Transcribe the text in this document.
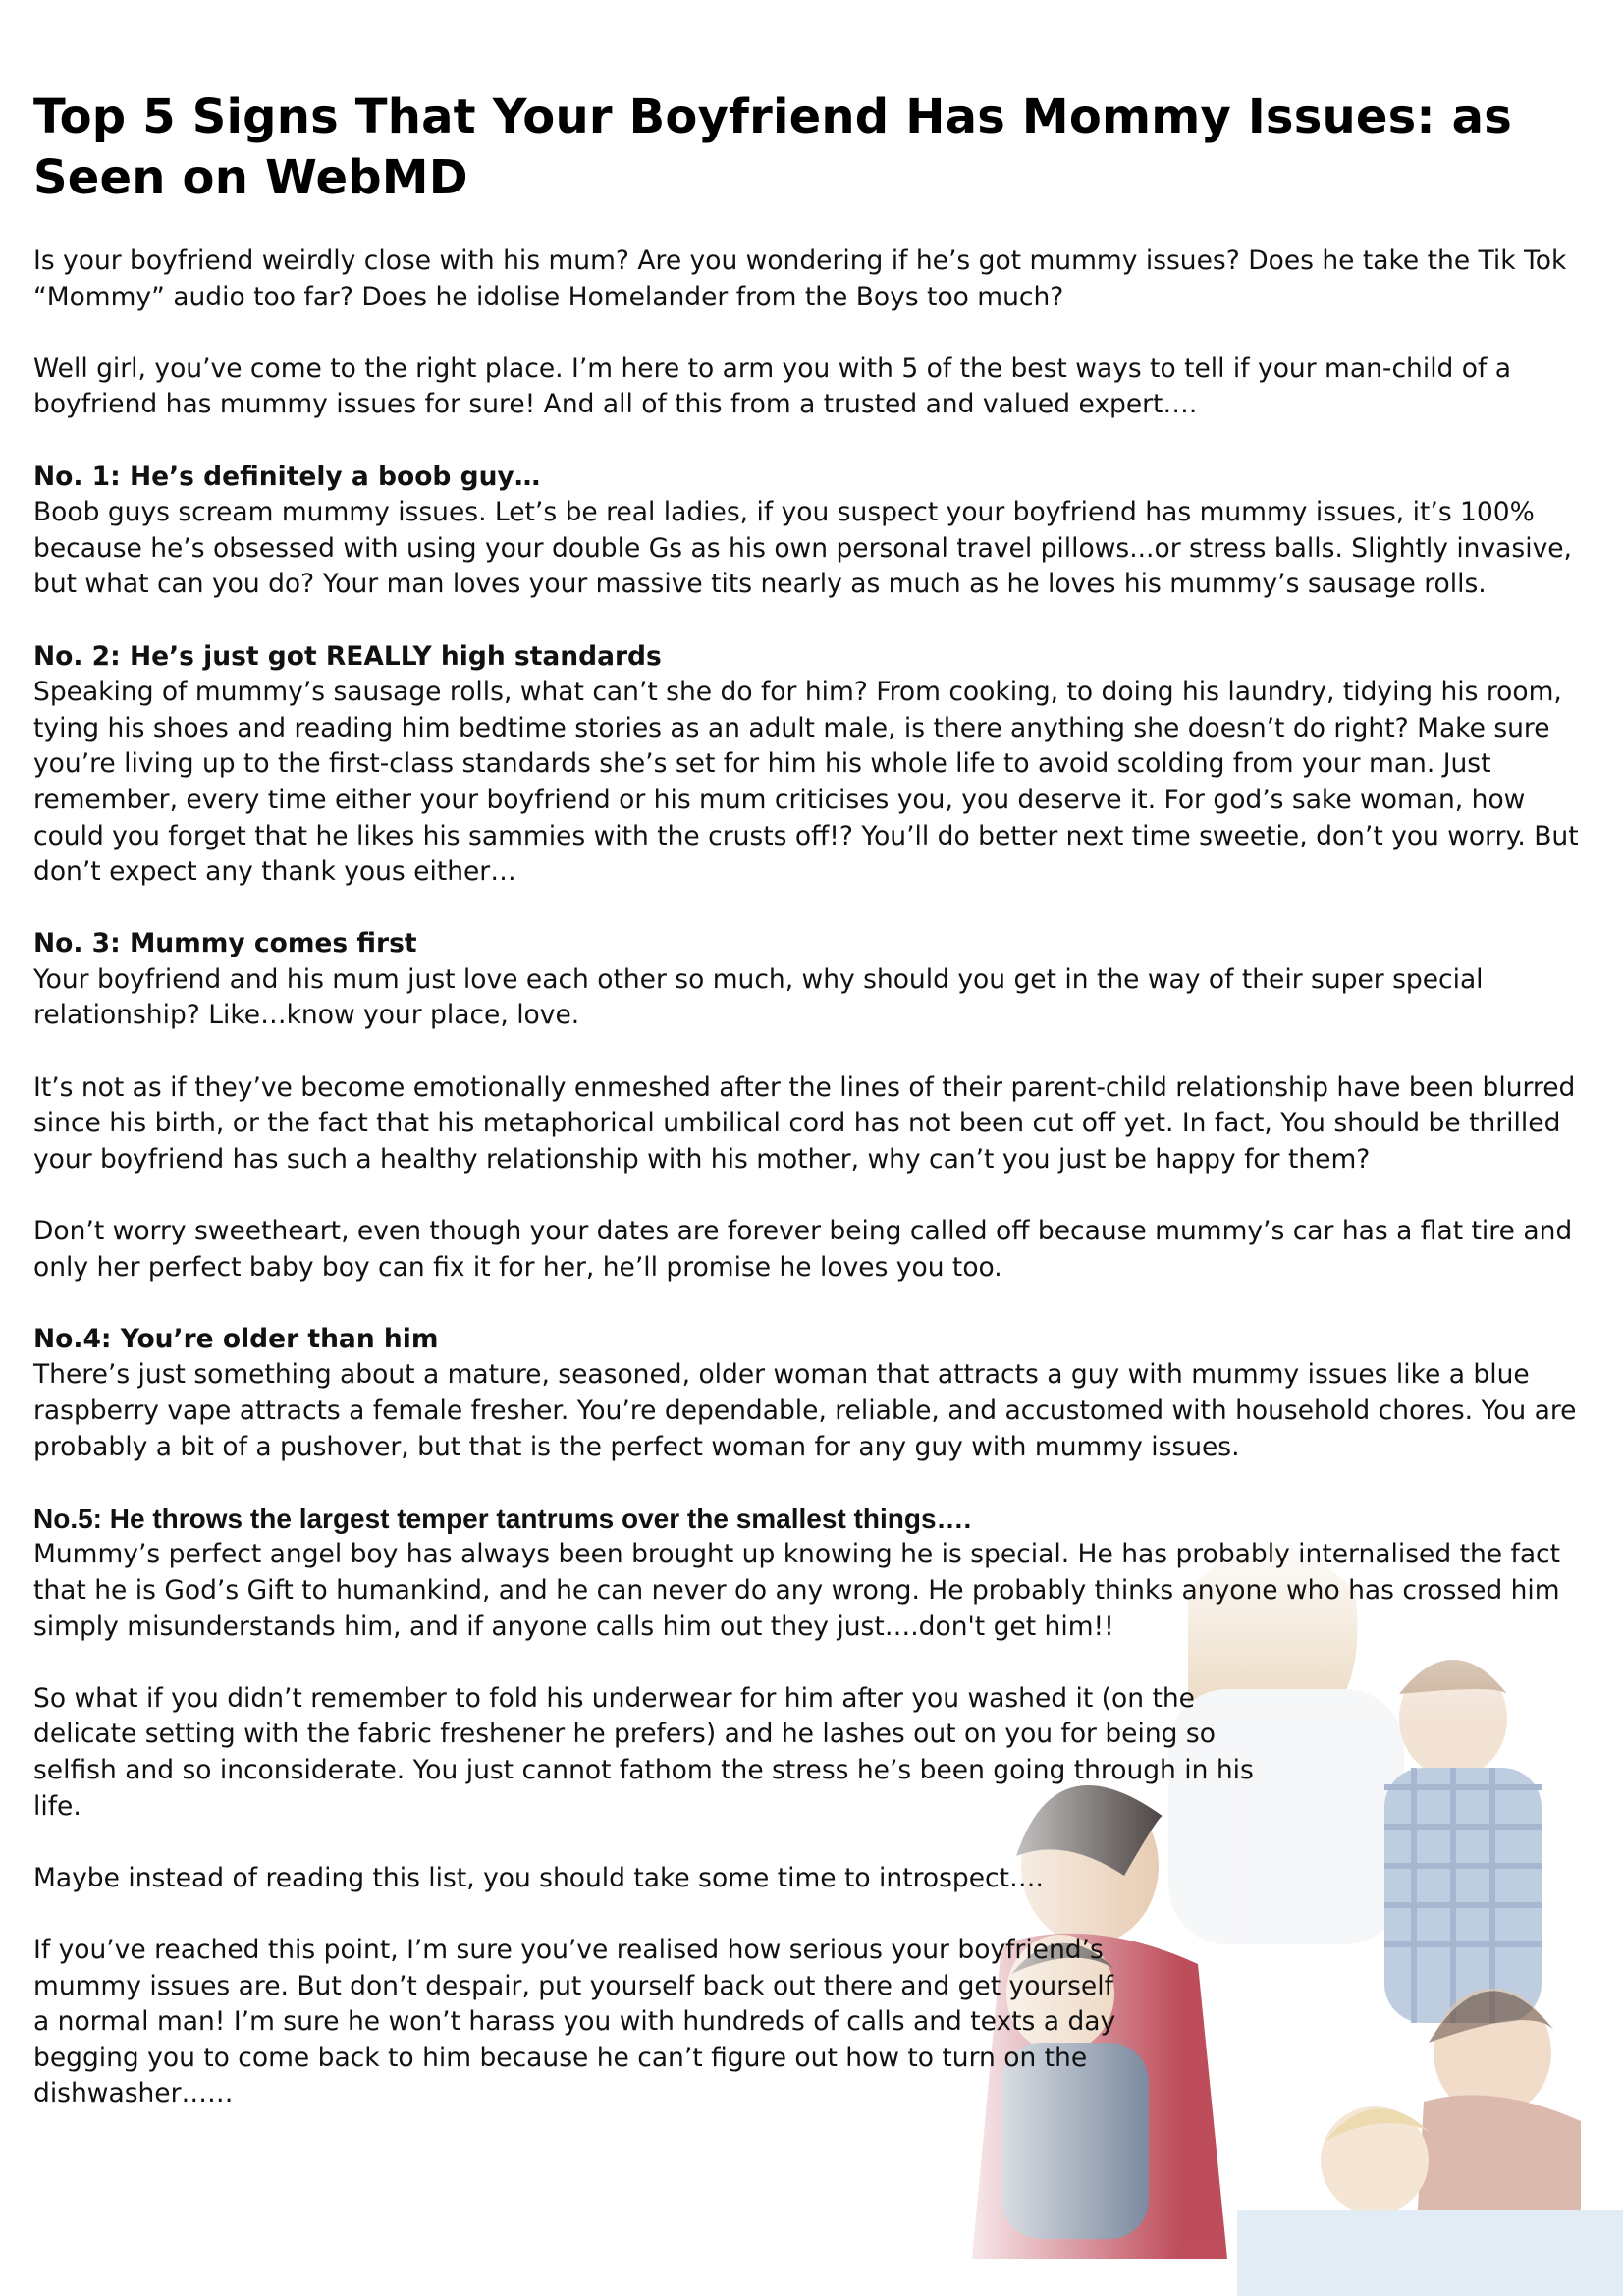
Top 5 Signs That Your Boyfriend Has Mommy Issues: as Seen on WebMD

Is your boyfriend weirdly close with his mum? Are you wondering if he’s got mummy issues? Does he take the Tik Tok “Mommy” audio too far? Does he idolise Homelander from the Boys too much?

Well girl, you’ve come to the right place. I’m here to arm you with 5 of the best ways to tell if your man-child of a boyfriend has mummy issues for sure! And all of this from a trusted and valued expert….

No. 1: He’s definitely a boob guy…

Boob guys scream mummy issues. Let’s be real ladies, if you suspect your boyfriend has mummy issues, it’s 100% because he’s obsessed with using your double Gs as his own personal travel pillows...or stress balls. Slightly invasive, but what can you do? Your man loves your massive tits nearly as much as he loves his mummy’s sausage rolls.

No. 2: He’s just got REALLY high standards

Speaking of mummy’s sausage rolls, what can’t she do for him? From cooking, to doing his laundry, tidying his room, tying his shoes and reading him bedtime stories as an adult male, is there anything she doesn’t do right? Make sure you’re living up to the first-class standards she’s set for him his whole life to avoid scolding from your man. Just remember, every time either your boyfriend or his mum criticises you, you deserve it. For god’s sake woman, how could you forget that he likes his sammies with the crusts off!? You’ll do better next time sweetie, don’t you worry. But don’t expect any thank yous either…

No. 3: Mummy comes first

Your boyfriend and his mum just love each other so much, why should you get in the way of their super special relationship? Like…know your place, love.

It’s not as if they’ve become emotionally enmeshed after the lines of their parent-child relationship have been blurred since his birth, or the fact that his metaphorical umbilical cord has not been cut off yet. In fact, You should be thrilled your boyfriend has such a healthy relationship with his mother, why can’t you just be happy for them?

Don’t worry sweetheart, even though your dates are forever being called off because mummy’s car has a flat tire and only her perfect baby boy can fix it for her, he’ll promise he loves you too.

No.4: You’re older than him

There’s just something about a mature, seasoned, older woman that attracts a guy with mummy issues like a blue raspberry vape attracts a female fresher. You’re dependable, reliable, and accustomed with household chores. You are probably a bit of a pushover, but that is the perfect woman for any guy with mummy issues.

No.5: He throws the largest temper tantrums over the smallest things….

Mummy’s perfect angel boy has always been brought up knowing he is special. He has probably internalised the fact that he is God’s Gift to humankind, and he can never do any wrong. He probably thinks anyone who has crossed him simply misunderstands him, and if anyone calls him out they just….don't get him!!

So what if you didn’t remember to fold his underwear for him after you washed it (on the delicate setting with the fabric freshener he prefers) and he lashes out on you for being so selfish and so inconsiderate. You just cannot fathom the stress he’s been going through in his life.

Maybe instead of reading this list, you should take some time to introspect….

If you’ve reached this point, I’m sure you’ve realised how serious your boyfriend’s mummy issues are. But don’t despair, put yourself back out there and get yourself a normal man! I’m sure he won’t harass you with hundreds of calls and texts a day begging you to come back to him because he can’t figure out how to turn on the dishwasher……
